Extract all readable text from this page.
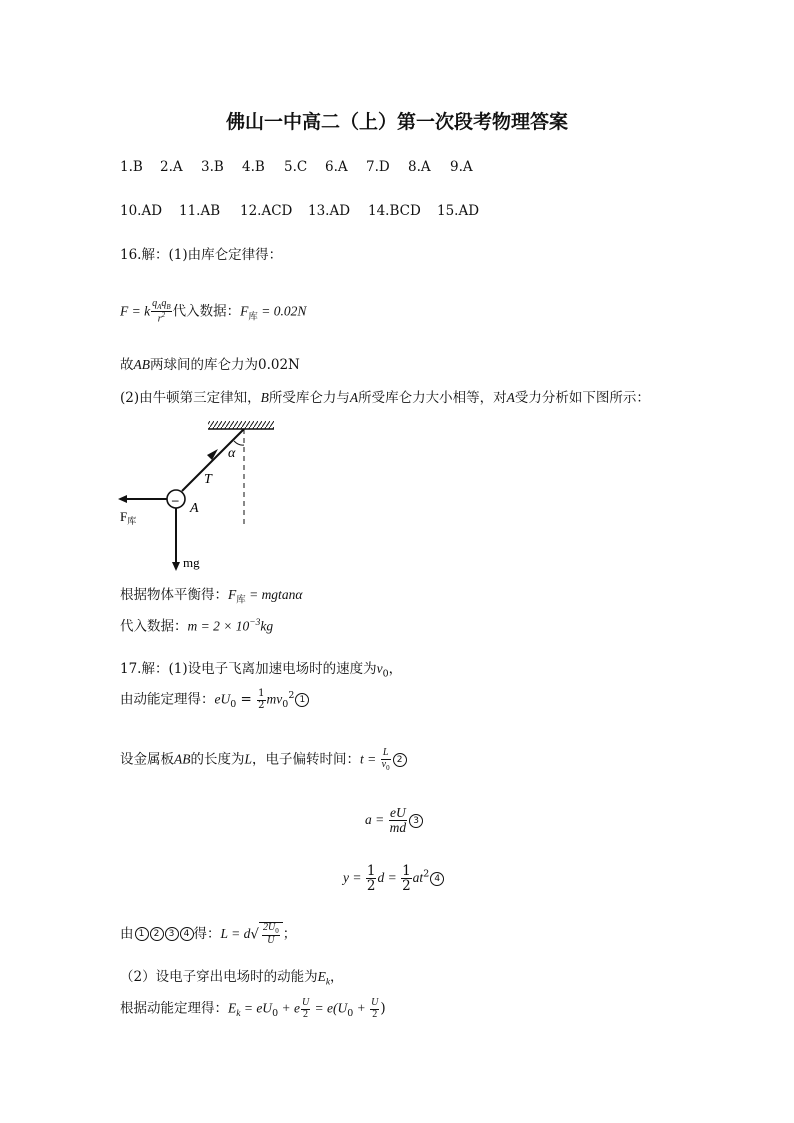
佛山一中高二（上）第一次段考物理答案
1.B 2.A 3.B 4.B 5.C 6.A 7.D 8.A 9.A
10.AD 11.AB 12.ACD 13.AD 14.BCD 15.AD
16.解：(1)由库仑定律得：
F = k $\frac{q_Aq_B}{r^2}$ 代入数据：$F_库 = 0.02N$
故AB两球间的库仑力为0.02N
(2)由牛顿第三定律知，B所受库仑力与A所受库仑力大小相等，对A受力分析如下图所示：
α
T
–
A
$F_库$
mg
根据物体平衡得：$F_库 = mgtan\alpha$
代入数据：$m = 2 \times 10^{-3}kg$
17.解：(1)设电子飞离加速电场时的速度为$v_0$，
由动能定理得：$eU_0 = \frac{1}{2} mv_0^2$ 1
设金属板AB的长度为L，电子偏转时间：$t = \frac{L}{v_0} 2$
$a = \frac{eU}{md} 3$
$y = \frac{1}{2}$ $d = \frac{1}{2} at^2$ 4
由 1 2 3 4 得：$L = d√ \frac{2U_0}{U}$ ；
（2）设电子穿出电场时的动能为$E_k$，
根据动能定理得：$E_k = eU_0 + e \frac{U}{2} = e(U_0 + \frac{U}{2}$ )
